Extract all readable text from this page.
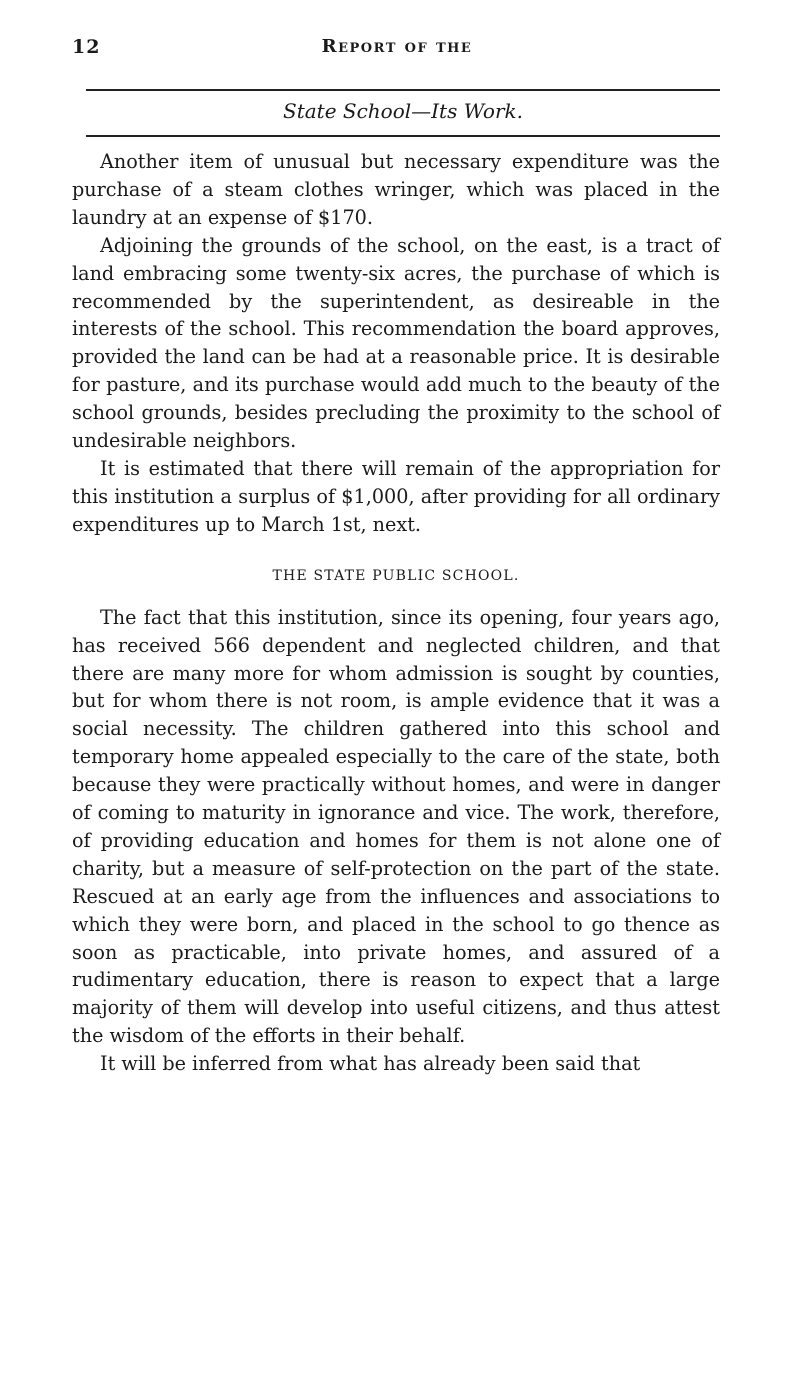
12	Report of the
State School—Its Work.

Another item of unusual but necessary expenditure was the purchase of a steam clothes wringer, which was placed in the laundry at an expense of $170.

Adjoining the grounds of the school, on the east, is a tract of land embracing some twenty-six acres, the purchase of which is recommended by the superintendent, as desireable in the interests of the school. This recommendation the board approves, provided the land can be had at a reasonable price. It is desirable for pasture, and its purchase would add much to the beauty of the school grounds, besides precluding the proximity to the school of undesirable neighbors.

It is estimated that there will remain of the appropriation for this institution a surplus of $1,000, after providing for all ordinary expenditures up to March 1st, next.

THE STATE PUBLIC SCHOOL.

The fact that this institution, since its opening, four years ago, has received 566 dependent and neglected children, and that there are many more for whom admission is sought by counties, but for whom there is not room, is ample evidence that it was a social necessity. The children gathered into this school and temporary home appealed especially to the care of the state, both because they were practically without homes, and were in danger of coming to maturity in ignorance and vice. The work, therefore, of providing education and homes for them is not alone one of charity, but a measure of self-protection on the part of the state. Rescued at an early age from the influences and associations to which they were born, and placed in the school to go thence as soon as practicable, into private homes, and assured of a rudimentary education, there is reason to expect that a large majority of them will develop into useful citizens, and thus attest the wisdom of the efforts in their behalf.

It will be inferred from what has already been said that
